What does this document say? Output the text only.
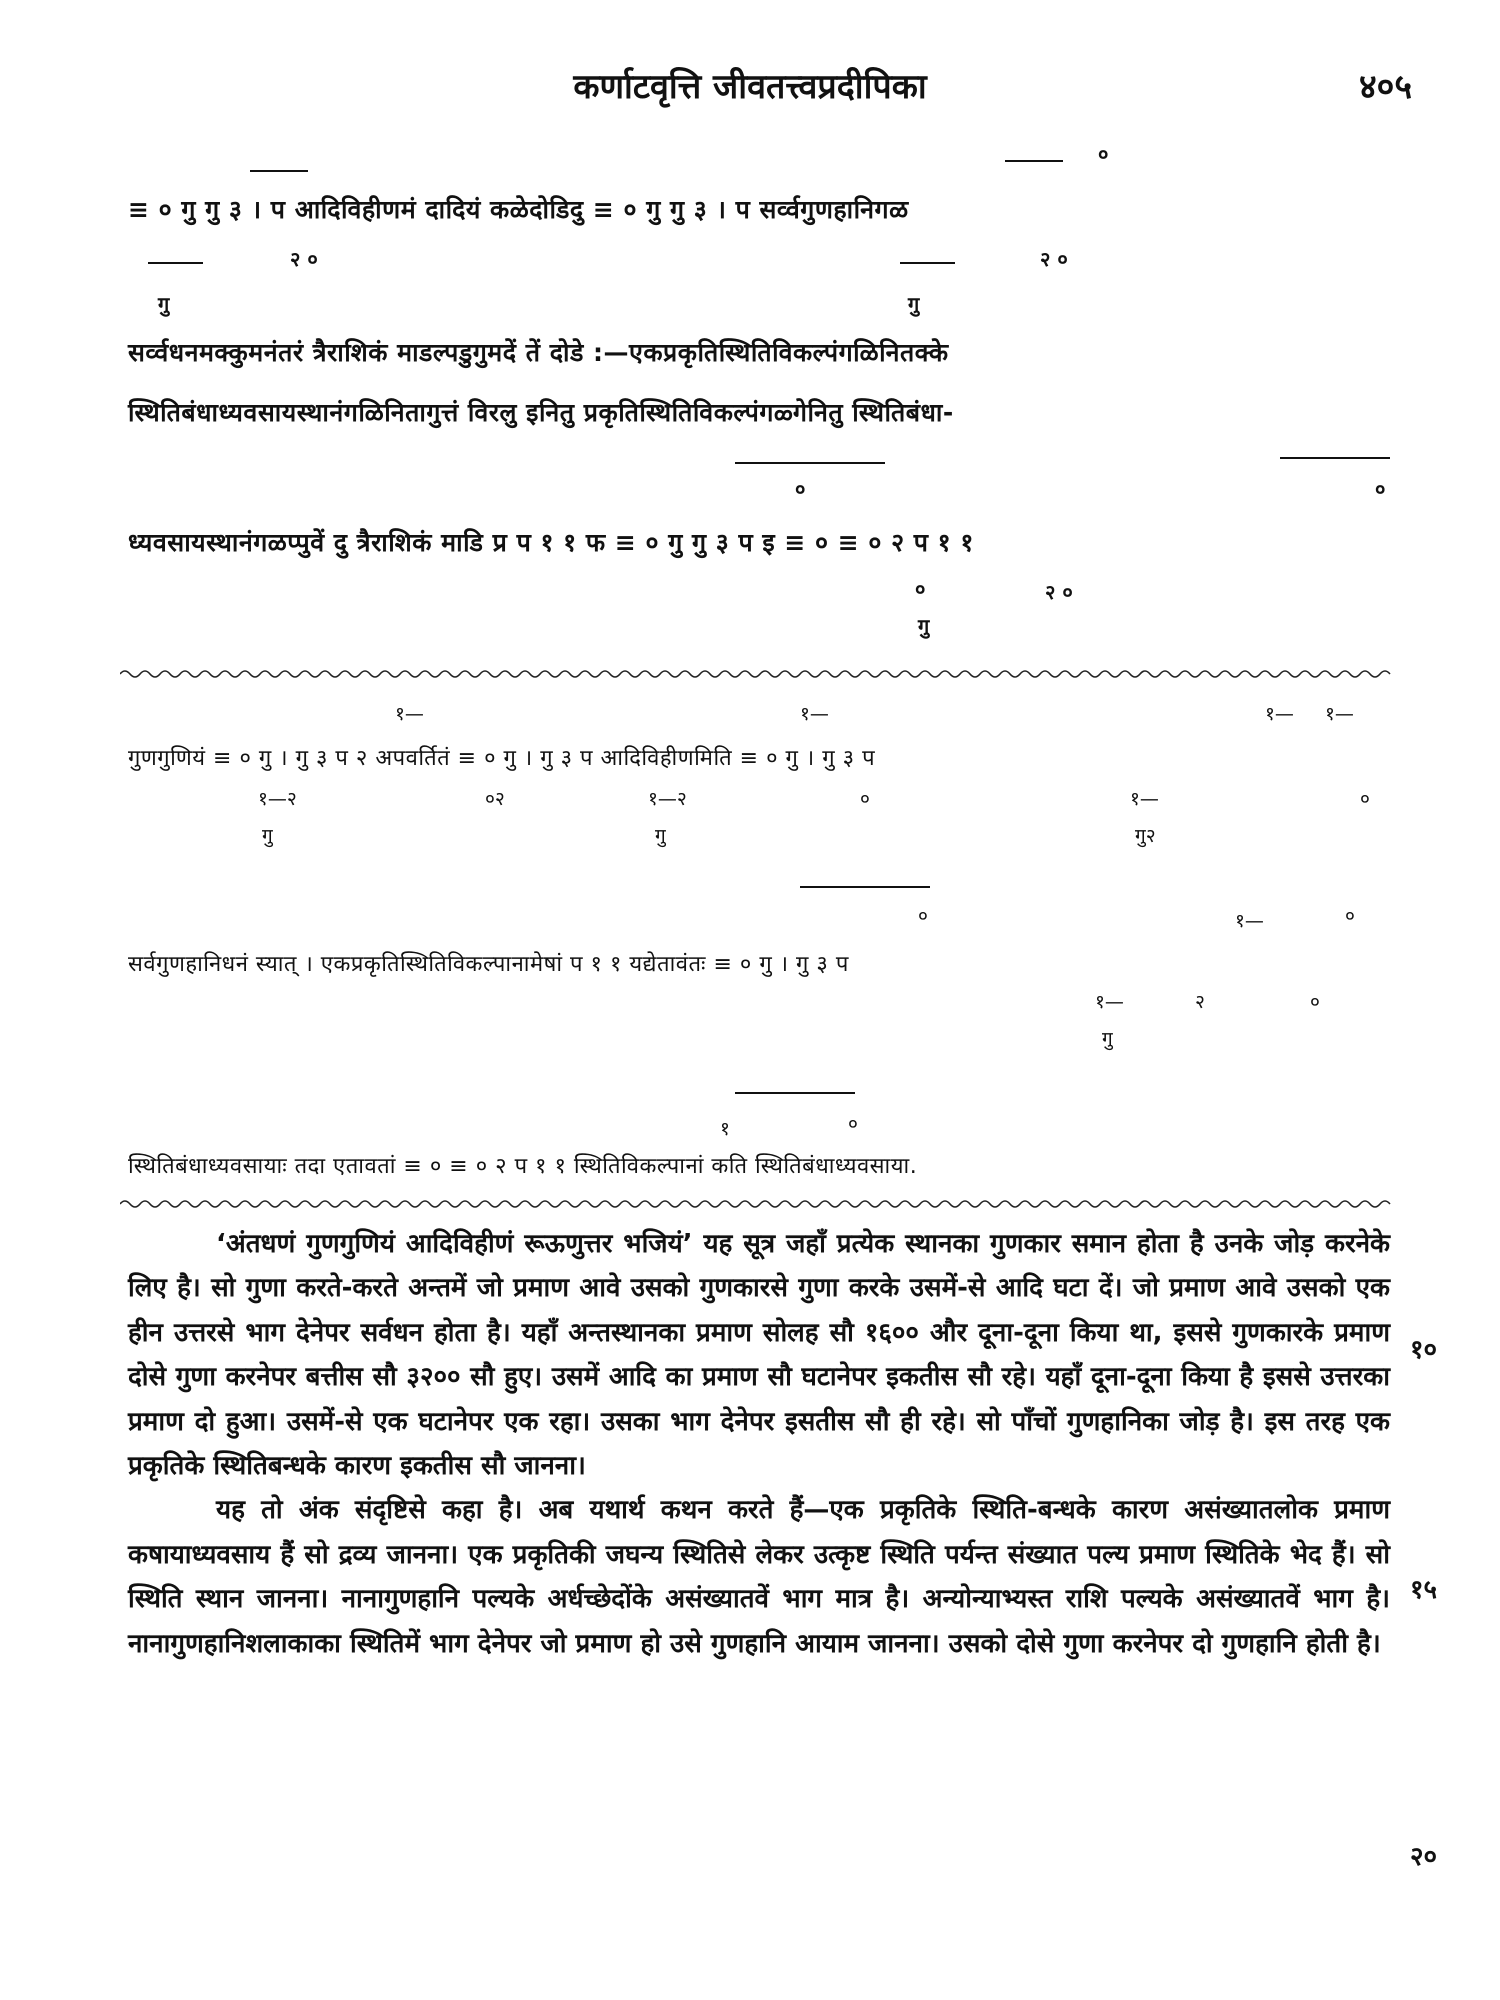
कर्णाटवृत्ति जीवतत्त्वप्रदीपिका	४०५
०
≡ ० गु गु ३ । प आदिविहीणमं दादियं कळेदोडिदु ≡ ० गु गु ३ । प सर्व्वगुणहानिगळ
२ ०	२ ०
गु	गु
सर्व्वधनमक्कुमनंतरं त्रैराशिकं माडल्पडुगुमदें तें दोडे :—एकप्रकृतिस्थितिविकल्पंगळिनितक्के
स्थितिबंधाध्यवसायस्थानंगळिनितागुत्तं विरलु इनितु प्रकृतिस्थितिविकल्पंगळ्गेनितु स्थितिबंधा-
०	०
ध्यवसायस्थानंगळप्पुवें दु त्रैराशिकं माडि प्र प १ १ फ ≡ ० गु गु ३ प इ ≡ ० ≡ ० २ प १ १
०	२ ०
गु
१—	१—	१— १—
गुणगुणियं ≡ ० गु । गु ३ प २ अपवर्तितं ≡ ० गु । गु ३ प आदिविहीणमिति ≡ ० गु । गु ३ प
१—२	०२	१—२	०	१—	०
गु	गु	गु२
०	१—	०
सर्वगुणहानिधनं स्यात् । एकप्रकृतिस्थितिविकल्पानामेषां प १ १ यद्येतावंतः ≡ ० गु । गु ३ प
१—	२	०
गु
१	०
स्थितिबंधाध्यवसायाः तदा एतावतां ≡ ० ≡ ० २ प १ १ स्थितिविकल्पानां कति स्थितिबंधाध्यवसाया.

‘अंतधणं गुणगुणियं आदिविहीणं रूऊणुत्तर भजियं’ यह सूत्र जहाँ प्रत्येक स्थानका गुणकार समान होता है उनके जोड़ करनेके लिए है। सो गुणा करते-करते अन्तमें जो प्रमाण आवे उसको गुणकारसे गुणा करके उसमें-से आदि घटा दें। जो प्रमाण आवे उसको एक हीन उत्तरसे भाग देनेपर सर्वधन होता है। यहाँ अन्तस्थानका प्रमाण सोलह सौ १६०० और दूना-दूना किया था, इससे गुणकारके प्रमाण दोसे गुणा करनेपर बत्तीस सौ ३२०० सौ हुए। उसमें आदि का प्रमाण सौ घटानेपर इकतीस सौ रहे। यहाँ दूना-दूना किया है इससे उत्तरका प्रमाण दो हुआ। उसमें-से एक घटानेपर एक रहा। उसका भाग देनेपर इसतीस सौ ही रहे। सो पाँचों गुणहानिका जोड़ है। इस तरह एक प्रकृतिके स्थितिबन्धके कारण इकतीस सौ जानना।

यह तो अंक संदृष्टिसे कहा है। अब यथार्थ कथन करते हैं—एक प्रकृतिके स्थिति-बन्धके कारण असंख्यातलोक प्रमाण कषायाध्यवसाय हैं सो द्रव्य जानना। एक प्रकृतिकी जघन्य स्थितिसे लेकर उत्कृष्ट स्थिति पर्यन्त संख्यात पल्य प्रमाण स्थितिके भेद हैं। सो स्थिति स्थान जानना। नानागुणहानि पल्यके अर्धच्छेदोंके असंख्यातवें भाग मात्र है। अन्योन्याभ्यस्त राशि पल्यके असंख्यातवें भाग है। नानागुणहानिशलाकाका स्थितिमें भाग देनेपर जो प्रमाण हो उसे गुणहानि आयाम जानना। उसको दोसे गुणा करनेपर दो गुणहानि होती है।

१०
१५
२०
